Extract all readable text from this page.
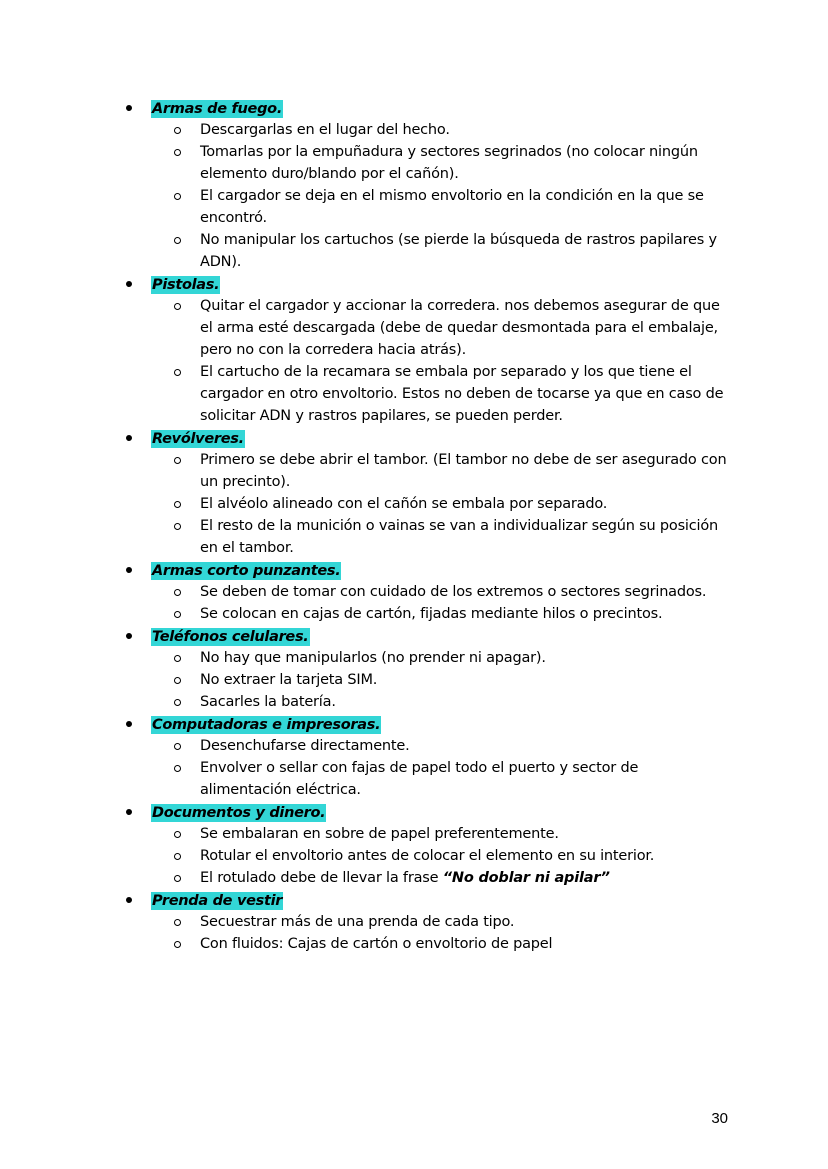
Armas de fuego.
Descargarlas en el lugar del hecho.
Tomarlas por la empuñadura y sectores segrinados (no colocar ningún elemento duro/blando por el cañón).
El cargador se deja en el mismo envoltorio en la condición en la que se encontró.
No manipular los cartuchos (se pierde la búsqueda de rastros papilares y ADN).
Pistolas.
Quitar el cargador y accionar la corredera. nos debemos asegurar de que el arma esté descargada (debe de quedar desmontada para el embalaje, pero no con la corredera hacia atrás).
El cartucho de la recamara se embala por separado y los que tiene el cargador en otro envoltorio. Estos no deben de tocarse ya que en caso de solicitar ADN y rastros papilares, se pueden perder.
Revólveres.
Primero se debe abrir el tambor. (El tambor no debe de ser asegurado con un precinto).
El alvéolo alineado con el cañón se embala por separado.
El resto de la munición o vainas se van a individualizar según su posición en el tambor.
Armas corto punzantes.
Se deben de tomar con cuidado de los extremos o sectores segrinados.
Se colocan en cajas de cartón, fijadas mediante hilos o precintos.
Teléfonos celulares.
No hay que manipularlos (no prender ni apagar).
No extraer la tarjeta SIM.
Sacarles la batería.
Computadoras e impresoras.
Desenchufarse directamente.
Envolver o sellar con fajas de papel todo el puerto y sector de alimentación eléctrica.
Documentos y dinero.
Se embalaran en sobre de papel preferentemente.
Rotular el envoltorio antes de colocar el elemento en su interior.
El rotulado debe de llevar la frase “No doblar ni apilar”
Prenda de vestir
Secuestrar más de una prenda de cada tipo.
Con fluidos: Cajas de cartón o envoltorio de papel
30
